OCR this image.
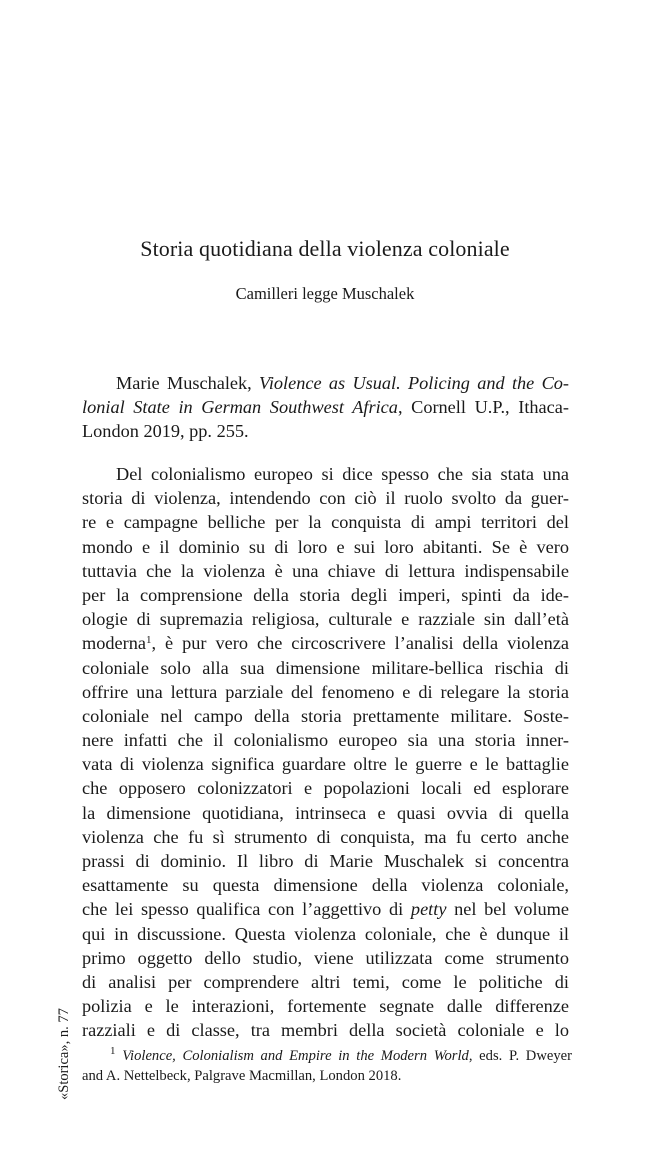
Storia quotidiana della violenza coloniale
Camilleri legge Muschalek
Marie Muschalek, Violence as Usual. Policing and the Co-
lonial State in German Southwest Africa, Cornell U.P., Ithaca-
London 2019, pp. 255.
Del colonialismo europeo si dice spesso che sia stata una
storia di violenza, intendendo con ciò il ruolo svolto da guer-
re e campagne belliche per la conquista di ampi territori del
mondo e il dominio su di loro e sui loro abitanti. Se è vero
tuttavia che la violenza è una chiave di lettura indispensabile
per la comprensione della storia degli imperi, spinti da ide-
ologie di supremazia religiosa, culturale e razziale sin dall’età
moderna$^1$, è pur vero che circoscrivere l’analisi della violenza
coloniale solo alla sua dimensione militare-bellica rischia di
offrire una lettura parziale del fenomeno e di relegare la storia
coloniale nel campo della storia prettamente militare. Soste-
nere infatti che il colonialismo europeo sia una storia inner-
vata di violenza significa guardare oltre le guerre e le battaglie
che opposero colonizzatori e popolazioni locali ed esplorare
la dimensione quotidiana, intrinseca e quasi ovvia di quella
violenza che fu sì strumento di conquista, ma fu certo anche
prassi di dominio. Il libro di Marie Muschalek si concentra
esattamente su questa dimensione della violenza coloniale,
che lei spesso qualifica con l’aggettivo di petty nel bel volume
qui in discussione. Questa violenza coloniale, che è dunque il
primo oggetto dello studio, viene utilizzata come strumento
di analisi per comprendere altri temi, come le politiche di
polizia e le interazioni, fortemente segnate dalle differenze
razziali e di classe, tra membri della società coloniale e lo
$^1$ Violence, Colonialism and Empire in the Modern World, eds. P. Dweyer
and A. Nettelbeck, Palgrave Macmillan, London 2018.
«Storica», n. 77
